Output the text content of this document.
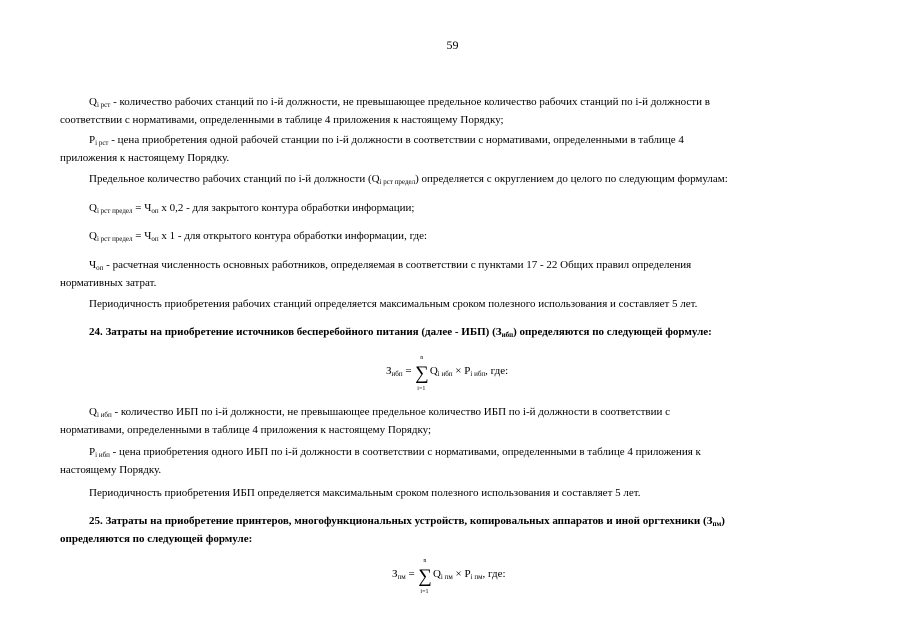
59
$Q_{i рст}$ - количество рабочих станций по i-й должности, не превышающее предельное количество рабочих станций по i-й должности в
соответствии с нормативами, определенными в таблице 4 приложения к настоящему Порядку;
$P_{i рст}$ - цена приобретения одной рабочей станции по i-й должности в соответствии с нормативами, определенными в таблице 4
приложения к настоящему Порядку.
Предельное количество рабочих станций по i-й должности $(Q_{i рст предел})$ определяется с округлением до целого по следующим формулам:
$Q_{i рст предел} = Ч_{оп}$ x 0,2 - для закрытого контура обработки информации;
$Q_{i рст предел} = Ч_{оп}$ x 1 - для открытого контура обработки информации, где:
$Ч_{оп}$ - расчетная численность основных работников, определяемая в соответствии с пунктами 17 - 22 Общих правил определения
нормативных затрат.
Периодичность приобретения рабочих станций определяется максимальным сроком полезного использования и составляет 5 лет.
24. Затраты на приобретение источников бесперебойного питания (далее - ИБП) $(З_{ибп})$ определяются по следующей формуле:
$З_{ибп}$ = ∑
n
i=1
$Q_{i ибп} \times P_{i ибп}$, где:
$Q_{i ибп}$ - количество ИБП по i-й должности, не превышающее предельное количество ИБП по i-й должности в соответствии с
нормативами, определенными в таблице 4 приложения к настоящему Порядку;
$P_{i ибп}$ - цена приобретения одного ИБП по i-й должности в соответствии с нормативами, определенными в таблице 4 приложения к
настоящему Порядку.
Периодичность приобретения ИБП определяется максимальным сроком полезного использования и составляет 5 лет.
25. Затраты на приобретение принтеров, многофункциональных устройств, копировальных аппаратов и иной оргтехники $(З_{пм})$
определяются по следующей формуле:
$З_{пм}$ = ∑
n
i=1
$Q_{i пм} \times P_{i пм}$, где:
